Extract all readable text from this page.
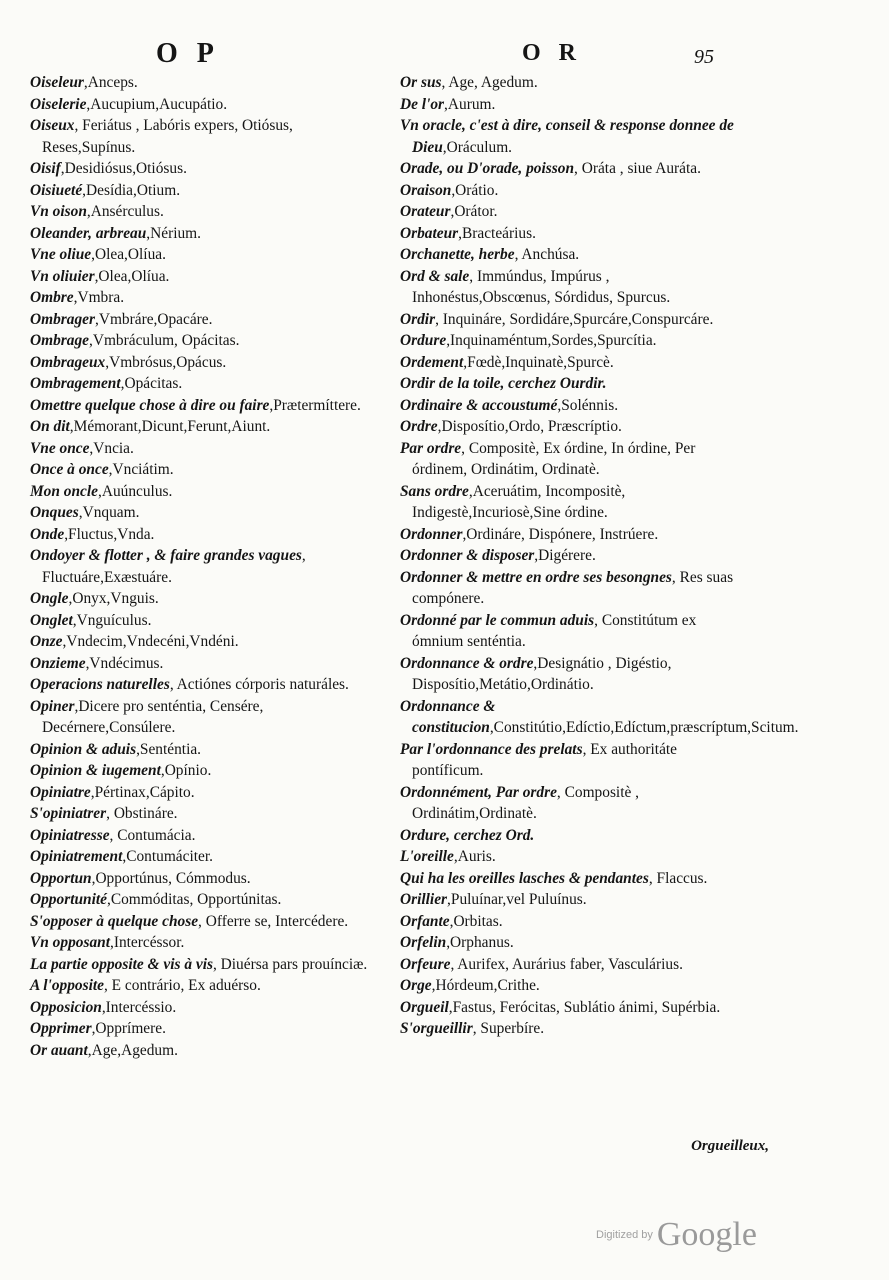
O P	O R	95

Oiseleur,Anceps.

Oiselerie,Aucupium,Aucupátio.

Oiseux, Feriátus , Labóris expers, Otiósus, Reses,Supínus.

Oisif,Desidiósus,Otiósus.

Oisiueté,Desídia,Otium.

Vn oison,Ansérculus.

Oleander, arbreau,Nérium.

Vne oliue,Olea,Olíua.

Vn oliuier,Olea,Olíua.

Ombre,Vmbra.

Ombrager,Vmbráre,Opacáre.

Ombrage,Vmbráculum, Opácitas.

Ombrageux,Vmbrósus,Opácus.

Ombragement,Opácitas.

Omettre quelque chose à dire ou faire,Prætermíttere.

On dit,Mémorant,Dicunt,Ferunt,Aiunt.

Vne once,Vncia.

Once à once,Vnciátim.

Mon oncle,Auúnculus.

Onques,Vnquam.

Onde,Fluctus,Vnda.

Ondoyer & flotter , & faire grandes vagues, Fluctuáre,Exæstuáre.

Ongle,Onyx,Vnguis.

Onglet,Vnguículus.

Onze,Vndecim,Vndecéni,Vndéni.

Onzieme,Vndécimus.

Operacions naturelles, Actiónes córporis naturáles.

Opiner,Dicere pro senténtia, Censére, Decérnere,Consúlere.

Opinion & aduis,Senténtia.

Opinion & iugement,Opínio.

Opiniatre,Pértinax,Cápito.

S'opiniatrer, Obstináre.

Opiniatresse, Contumácia.

Opiniatrement,Contumáciter.

Opportun,Opportúnus, Cómmodus.

Opportunité,Commóditas, Opportúnitas.

S'opposer à quelque chose, Offerre se, Intercédere.

Vn opposant,Intercéssor.

La partie opposite & vis à vis, Diuérsa pars prouínciæ.

A l'opposite, E contrário, Ex aduérso.

Opposicion,Intercéssio.

Opprimer,Opprímere.

Or auant,Age,Agedum.

Or sus, Age, Agedum.

De l'or,Aurum.

Vn oracle, c'est à dire, conseil & response donnee de Dieu,Oráculum.

Orade, ou D'orade, poisson, Oráta , siue Auráta.

Oraison,Orátio.

Orateur,Orátor.

Orbateur,Bracteárius.

Orchanette, herbe, Anchúsa.

Ord & sale, Immúndus, Impúrus , Inhonéstus,Obscœnus, Sórdidus, Spurcus.

Ordir, Inquináre, Sordidáre,Spurcáre,Conspurcáre.

Ordure,Inquinaméntum,Sordes,Spurcítia.

Ordement,Fœdè,Inquinatè,Spurcè.

Ordir de la toile, cerchez Ourdir.

Ordinaire & accoustumé,Solénnis.

Ordre,Disposítio,Ordo, Præscríptio.

Par ordre, Compositè, Ex órdine, In órdine, Per órdinem, Ordinátim, Ordinatè.

Sans ordre,Aceruátim, Incompositè, Indigestè,Incuriosè,Sine órdine.

Ordonner,Ordináre, Dispónere, Instrúere.

Ordonner & disposer,Digérere.

Ordonner & mettre en ordre ses besongnes, Res suas compónere.

Ordonné par le commun aduis, Constitútum ex ómnium senténtia.

Ordonnance & ordre,Designátio , Digéstio, Disposítio,Metátio,Ordinátio.

Ordonnance & constitucion,Constitútio,Edíctio,Edíctum,præscríptum,Scitum.

Par l'ordonnance des prelats, Ex authoritáte pontíficum.

Ordonnément, Par ordre, Compositè , Ordinátim,Ordinatè.

Ordure, cerchez Ord.

L'oreille,Auris.

Qui ha les oreilles lasches & pendantes, Flaccus.

Orillier,Puluínar,vel Puluínus.

Orfante,Orbitas.

Orfelin,Orphanus.

Orfeure, Aurifex, Aurárius faber, Vasculárius.

Orge,Hórdeum,Crithe.

Orgueil,Fastus, Ferócitas, Sublátio ánimi, Supérbia.

S'orgueillir, Superbíre.

Orgueilleux,
Digitized by Google
